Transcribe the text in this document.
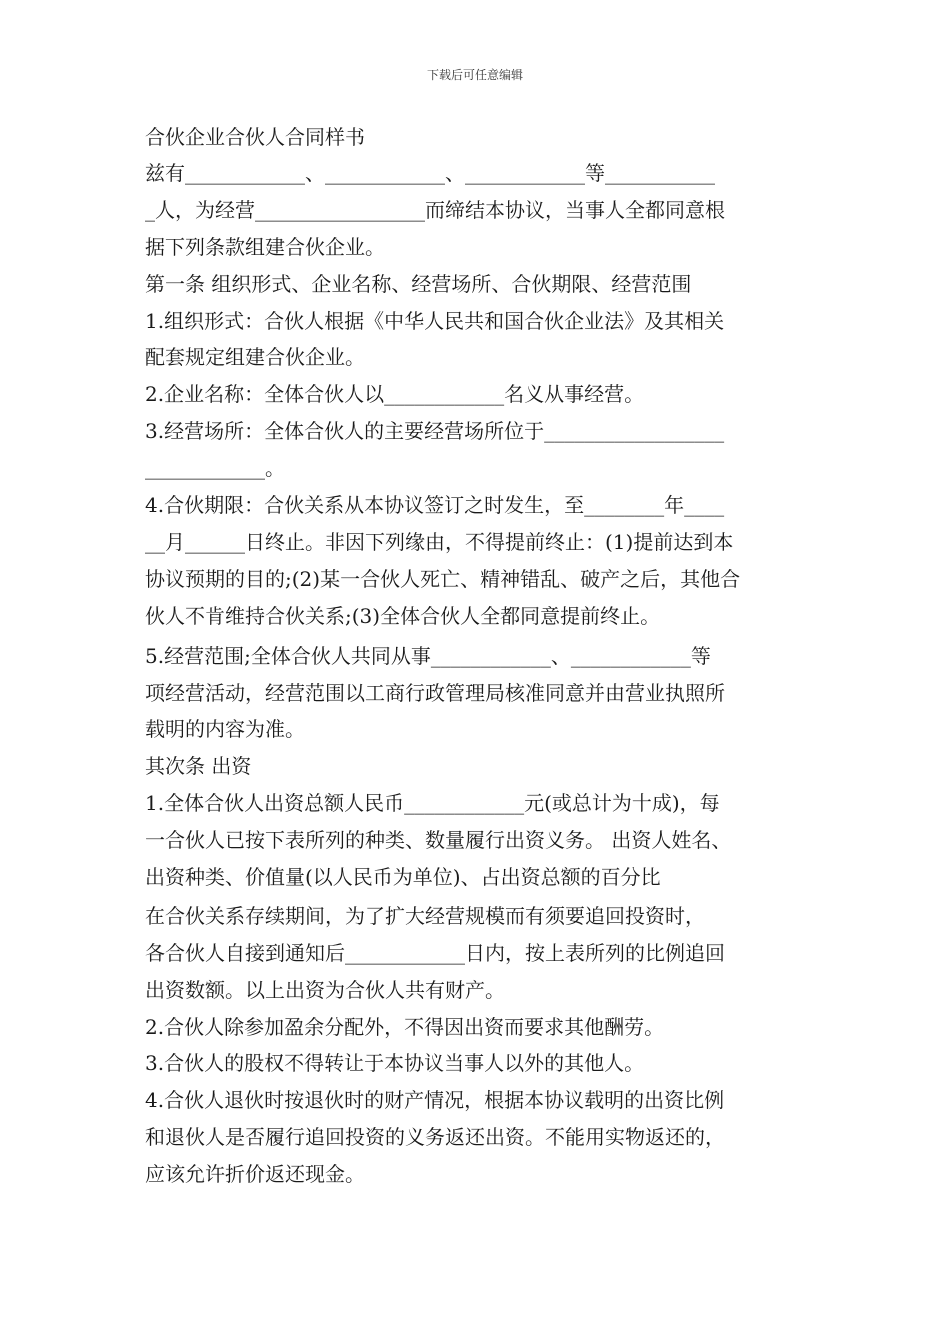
下载后可任意编辑
合伙企业合伙人合同样书
兹有____________、____________、____________等___________
_人，为经营_________________而缔结本协议，当事人全都同意根
据下列条款组建合伙企业。
第一条 组织形式、企业名称、经营场所、合伙期限、经营范围
1.组织形式：合伙人根据《中华人民共和国合伙企业法》及其相关
配套规定组建合伙企业。
2.企业名称：全体合伙人以____________名义从事经营。
3.经营场所：全体合伙人的主要经营场所位于__________________
____________。
4.合伙期限：合伙关系从本协议签订之时发生，至________年____
__月______日终止。非因下列缘由，不得提前终止：(1)提前达到本
协议预期的目的;(2)某一合伙人死亡、精神错乱、破产之后，其他合
伙人不肯维持合伙关系;(3)全体合伙人全都同意提前终止。
5.经营范围;全体合伙人共同从事____________、____________等
项经营活动，经营范围以工商行政管理局核准同意并由营业执照所
载明的内容为准。
其次条 出资
1.全体合伙人出资总额人民币____________元(或总计为十成)，每
一合伙人已按下表所列的种类、数量履行出资义务。 出资人姓名、
出资种类、价值量(以人民币为单位)、占出资总额的百分比
在合伙关系存续期间，为了扩大经营规模而有须要追回投资时，
各合伙人自接到通知后____________日内，按上表所列的比例追回
出资数额。以上出资为合伙人共有财产。
2.合伙人除参加盈余分配外，不得因出资而要求其他酬劳。
3.合伙人的股权不得转让于本协议当事人以外的其他人。
4.合伙人退伙时按退伙时的财产情况，根据本协议载明的出资比例
和退伙人是否履行追回投资的义务返还出资。不能用实物返还的，
应该允许折价返还现金。
